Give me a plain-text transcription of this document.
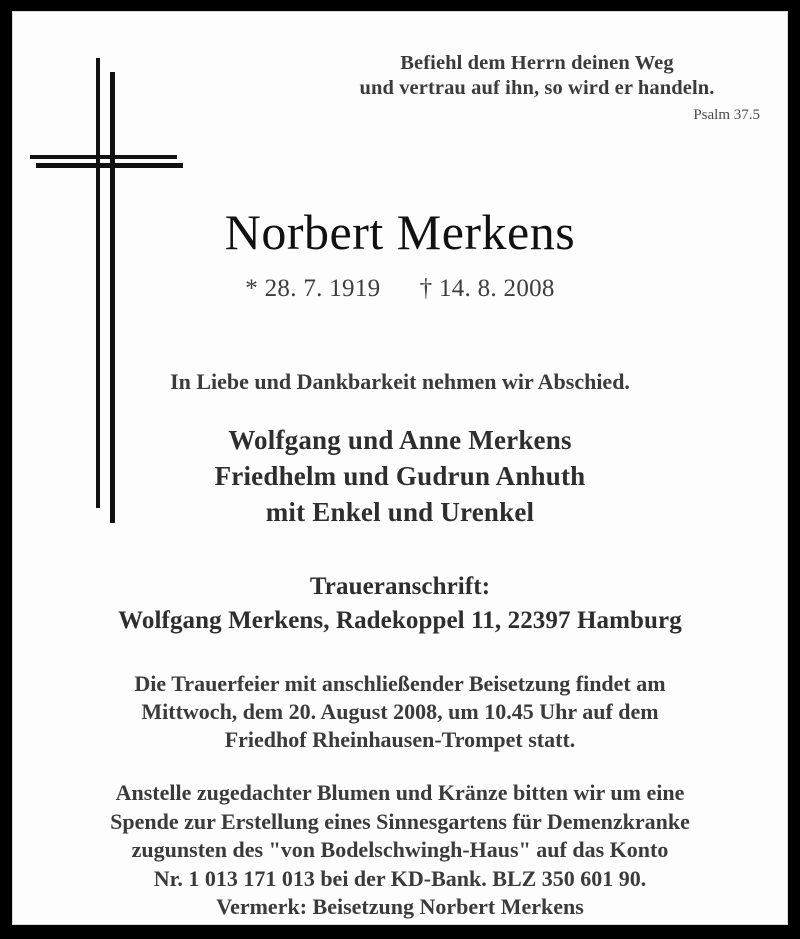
Befiehl dem Herrn deinen Weg
und vertrau auf ihn, so wird er handeln.
Psalm 37.5
Norbert Merkens
* 28. 7. 1919 † 14. 8. 2008
In Liebe und Dankbarkeit nehmen wir Abschied.
Wolfgang und Anne Merkens
Friedhelm und Gudrun Anhuth
mit Enkel und Urenkel
Traueranschrift:
Wolfgang Merkens, Radekoppel 11, 22397 Hamburg
Die Trauerfeier mit anschließender Beisetzung findet am
Mittwoch, dem 20. August 2008, um 10.45 Uhr auf dem
Friedhof Rheinhausen-Trompet statt.
Anstelle zugedachter Blumen und Kränze bitten wir um eine
Spende zur Erstellung eines Sinnesgartens für Demenzkranke
zugunsten des "von Bodelschwingh-Haus" auf das Konto
Nr. 1 013 171 013 bei der KD-Bank. BLZ 350 601 90.
Vermerk: Beisetzung Norbert Merkens
